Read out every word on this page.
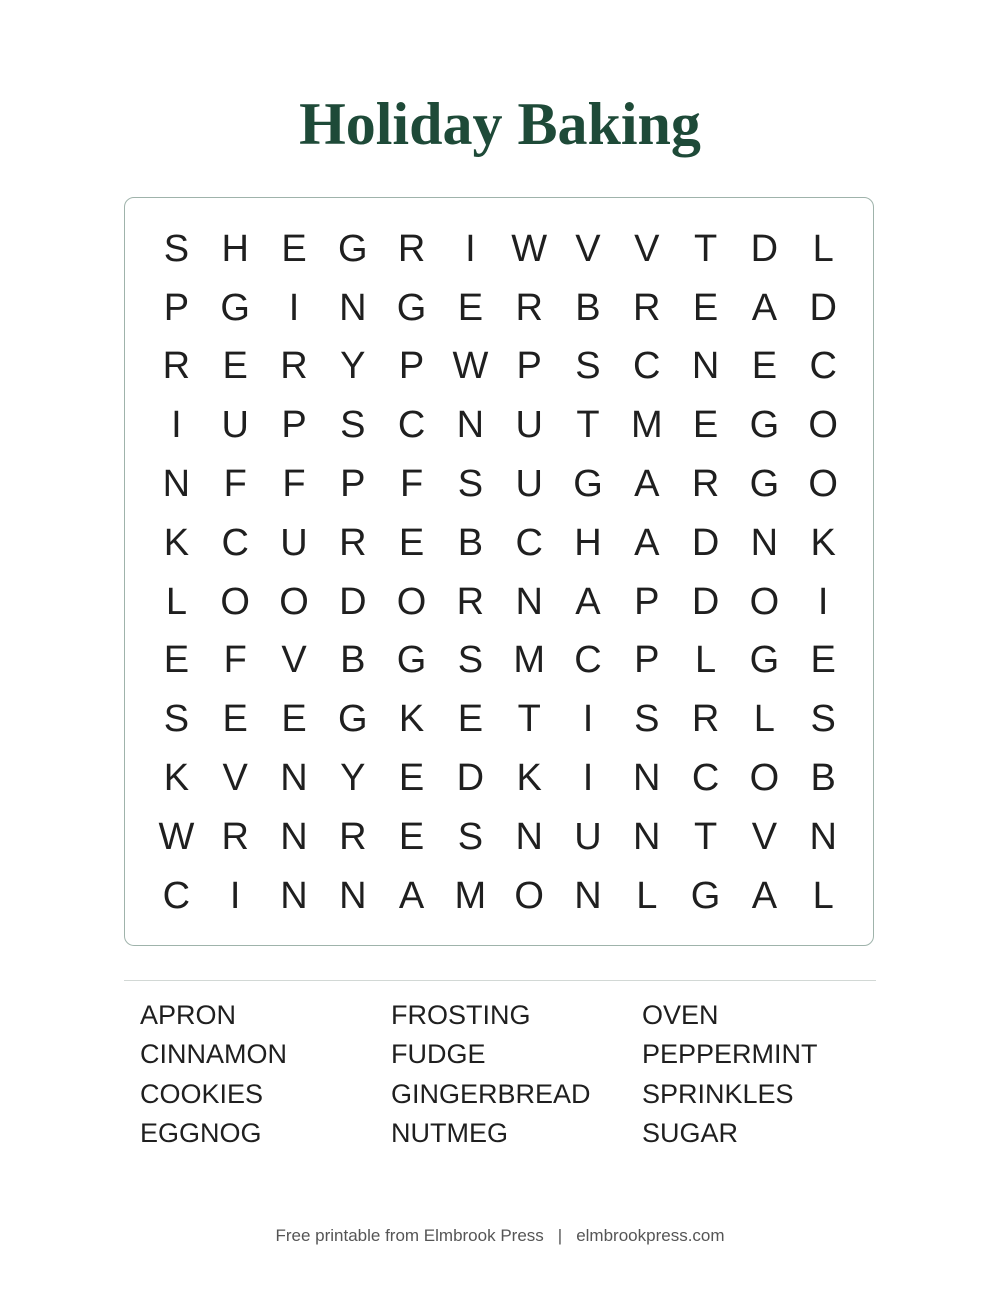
Holiday Baking
S H E G R	I W V V T D L
P G	I	N G E R B R E A D
R E R Y P W P S C N E C
I	U P S C N U T M E G O
N F F P F S U G A R G O
K C U R E B C H A D N K
L O O D O R N A P D O	I
E F V B G S M C P L G E
S E E G K E T	I	S R L S
K V N Y E D K	I	N C O B
W R N R E S N U N T V N
C	I	N N A M O N L G A L
APRON
CINNAMON
COOKIES
EGGNOG
FROSTING
FUDGE
GINGERBREAD
NUTMEG
OVEN
PEPPERMINT
SPRINKLES
SUGAR
Free printable from Elmbrook Press | elmbrookpress.com
